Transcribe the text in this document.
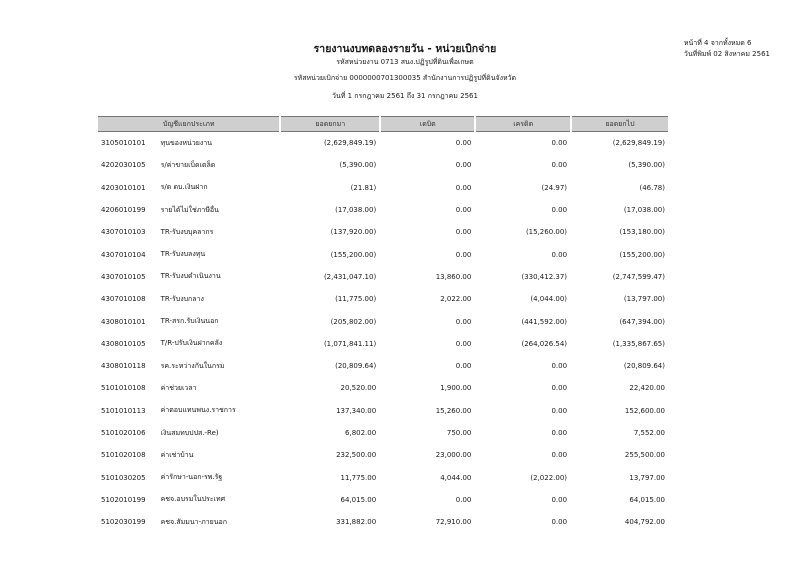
รายงานงบทดลองรายวัน - หน่วยเบิกจ่าย
รหัสหน่วยงาน 0713 สนง.ปฏิรูปที่ดินเพื่อเกษต
รหัสหน่วยเบิกจ่าย 0000000701300035 สำนักงานการปฏิรูปที่ดินจังหวัด
วันที่ 1 กรกฎาคม 2561 ถึง 31 กรกฎาคม 2561
หน้าที่ 4 จากทั้งหมด 6
วันที่พิมพ์ 02 สิงหาคม 2561
บัญชีแยกประเภท		ยอดยกมา	เดบิต	เครดิต	ยอดยกไป
3105010101	ทุนของหน่วยงาน	(2,629,849.19)	0.00	0.00	(2,629,849.19)
4202030105	ร/ค่าขายเบ็ดเตล็ด	(5,390.00)	0.00	0.00	(5,390.00)
4203010101	ร/ด ดบ.เงินฝาก	(21.81)	0.00	(24.97)	(46.78)
4206010199	รายได้ไม่ใช่ภาษีอื่น	(17,038.00)	0.00	0.00	(17,038.00)
4307010103	TR-รับงบบุคลากร	(137,920.00)	0.00	(15,260.00)	(153,180.00)
4307010104	TR-รับงบลงทุน	(155,200.00)	0.00	0.00	(155,200.00)
4307010105	TR-รับงบดำเนินงาน	(2,431,047.10)	13,860.00	(330,412.37)	(2,747,599.47)
4307010108	TR-รับงบกลาง	(11,775.00)	2,022.00	(4,044.00)	(13,797.00)
4308010101	TR-สรก.รับเงินนอก	(205,802.00)	0.00	(441,592.00)	(647,394.00)
4308010105	T/R-ปรับเงินฝากคลัง	(1,071,841.11)	0.00	(264,026.54)	(1,335,867.65)
4308010118	รค.ระหว่างกันในกรม	(20,809.64)	0.00	0.00	(20,809.64)
5101010108	ค่าช่วยเวลา	20,520.00	1,900.00	0.00	22,420.00
5101010113	ค่าตอบแทนพนง.ราชการ	137,340.00	15,260.00	0.00	152,600.00
5101020106	เงินสมทบปปส.-Re)	6,802.00	750.00	0.00	7,552.00
5101020108	ค่าเช่าบ้าน	232,500.00	23,000.00	0.00	255,500.00
5101030205	ค่ารักษา-นอก-รพ.รัฐ	11,775.00	4,044.00	(2,022.00)	13,797.00
5102010199	คชจ.อบรมในประเทศ	64,015.00	0.00	0.00	64,015.00
5102030199	คชจ.สัมมนา-ภายนอก	331,882.00	72,910.00	0.00	404,792.00
